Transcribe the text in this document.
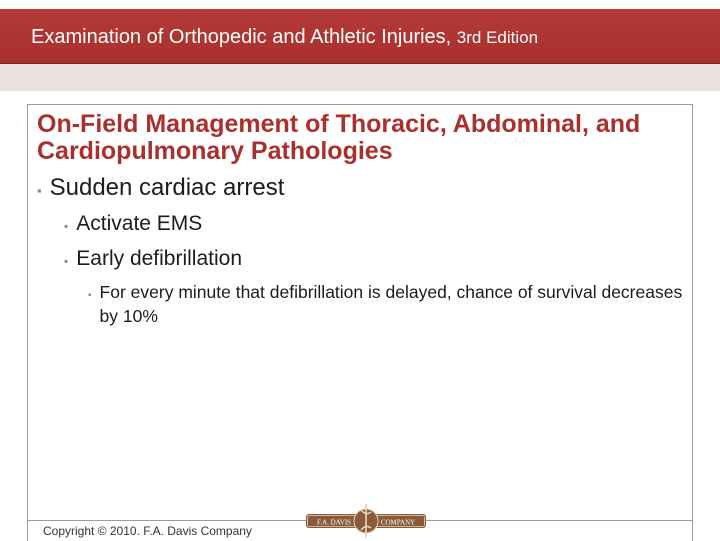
Examination of Orthopedic and Athletic Injuries, 3rd Edition
On-Field Management of Thoracic, Abdominal, and Cardiopulmonary Pathologies
▪ Sudden cardiac arrest
▪ Activate EMS
▪ Early defibrillation
▪ For every minute that defibrillation is delayed, chance of survival decreases by 10%
Copyright © 2010. F.A. Davis Company
F.A. DAVIS	COMPANY
